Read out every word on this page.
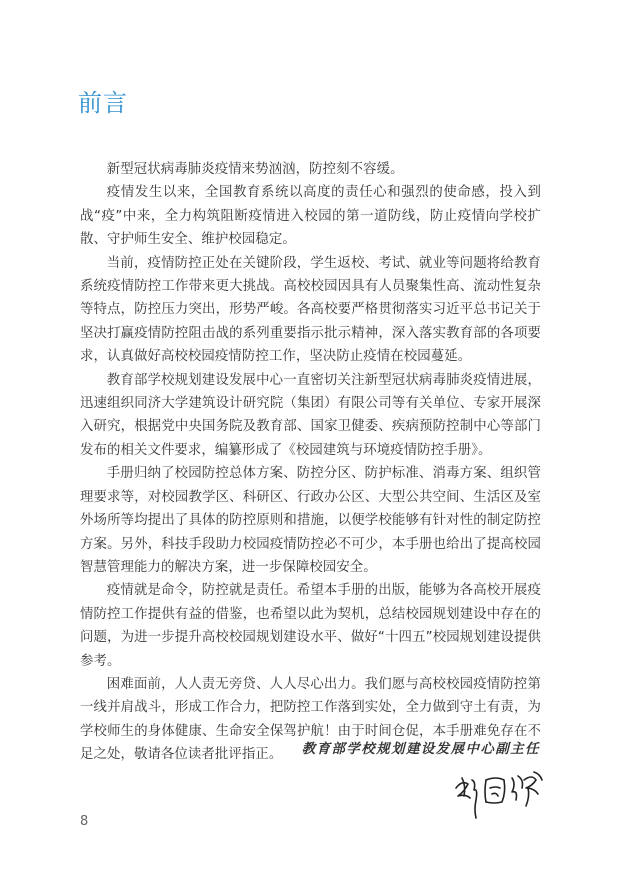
前言

新型冠状病毒肺炎疫情来势汹汹，防控刻不容缓。

疫情发生以来，全国教育系统以高度的责任心和强烈的使命感，投入到战“疫”中来，全力构筑阻断疫情进入校园的第一道防线，防止疫情向学校扩散、守护师生安全、维护校园稳定。

当前，疫情防控正处在关键阶段，学生返校、考试、就业等问题将给教育系统疫情防控工作带来更大挑战。高校校园因具有人员聚集性高、流动性复杂等特点，防控压力突出，形势严峻。各高校要严格贯彻落实习近平总书记关于坚决打赢疫情防控阻击战的系列重要指示批示精神，深入落实教育部的各项要求，认真做好高校校园疫情防控工作，坚决防止疫情在校园蔓延。

教育部学校规划建设发展中心一直密切关注新型冠状病毒肺炎疫情进展，迅速组织同济大学建筑设计研究院（集团）有限公司等有关单位、专家开展深入研究，根据党中央国务院及教育部、国家卫健委、疾病预防控制中心等部门发布的相关文件要求，编纂形成了《校园建筑与环境疫情防控手册》。

手册归纳了校园防控总体方案、防控分区、防护标准、消毒方案、组织管理要求等，对校园教学区、科研区、行政办公区、大型公共空间、生活区及室外场所等均提出了具体的防控原则和措施，以便学校能够有针对性的制定防控方案。另外，科技手段助力校园疫情防控必不可少，本手册也给出了提高校园智慧管理能力的解决方案，进一步保障校园安全。

疫情就是命令，防控就是责任。希望本手册的出版，能够为各高校开展疫情防控工作提供有益的借鉴，也希望以此为契机，总结校园规划建设中存在的问题，为进一步提升高校校园规划建设水平、做好“十四五”校园规划建设提供参考。

困难面前，人人责无旁贷、人人尽心出力。我们愿与高校校园疫情防控第一线并肩战斗，形成工作合力，把防控工作落到实处，全力做到守土有责，为学校师生的身体健康、生命安全保驾护航！由于时间仓促，本手册难免存在不足之处，敬请各位读者批评指正。	教育部学校规划建设发展中心副主任
8
